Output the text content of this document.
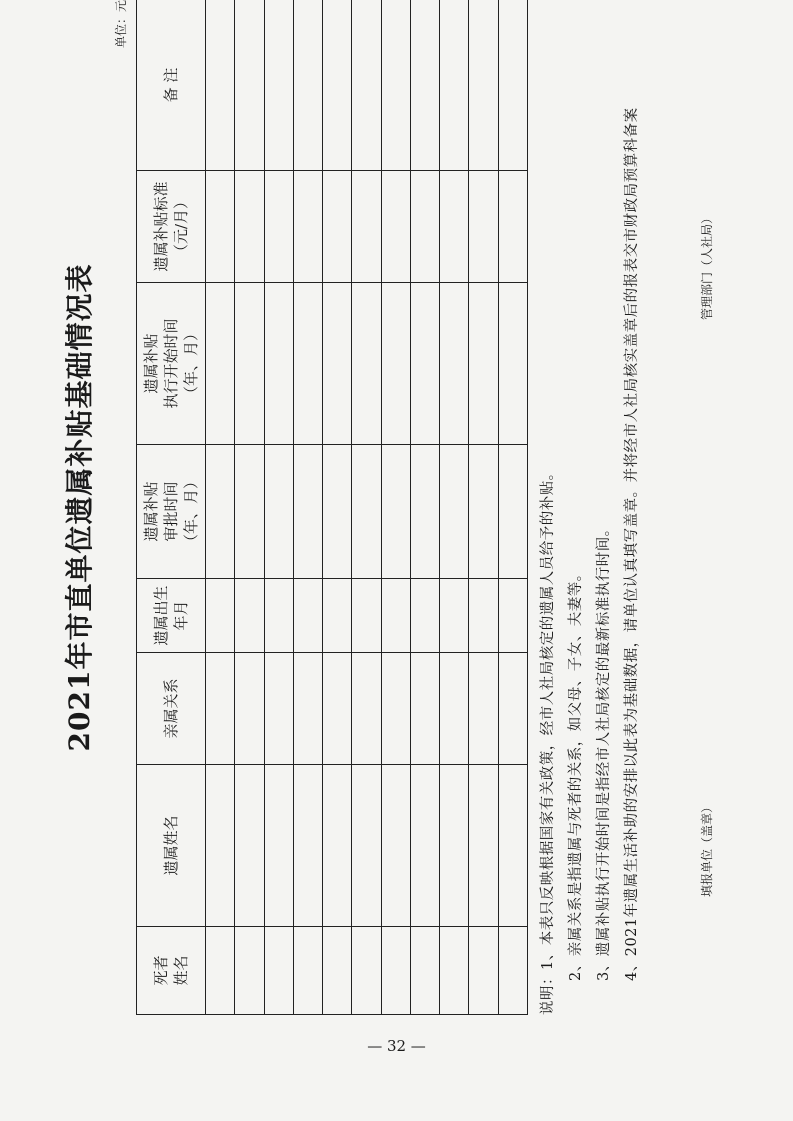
2021年市直单位遗属补贴基础情况表
单位：元
死者 姓名	遗属姓名	亲属关系	遗属出生 年月	遗属补贴 审批时间 （年、月）	遗属补贴 执行开始时间 （年、月）	遗属补贴标准 （元/月）	备 注

说明：1、本表只反映根据国家有关政策，经市人社局核定的遗属人员给予的补贴。 2、亲属关系是指遗属与死者的关系，如父母、子女、夫妻等。 3、遗属补贴执行开始时间是指经市人社局核定的最新标准执行时间。 4、2021年遗属生活补助的安排以此表为基础数据，请单位认真填写盖章。并将经市人社局核实盖章后的报表交市财政局预算科备案	填报单位（盖章）
管理部门（人社局）
— 32 —
